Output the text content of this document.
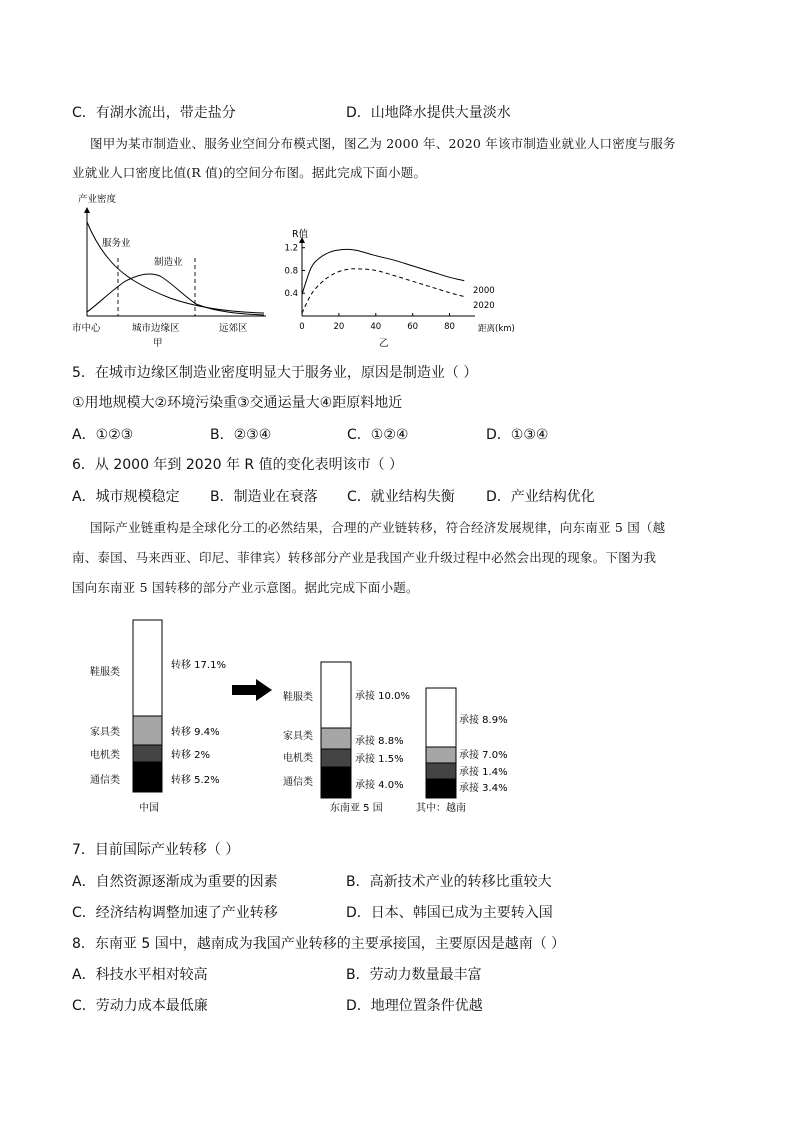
C．有湖水流出，带走盐分	D．山地降水提供大量淡水
图甲为某市制造业、服务业空间分布模式图，图乙为 2000 年、2020 年该市制造业就业人口密度与服务
业就业人口密度比值(R 值)的空间分布图。据此完成下面小题。
产业密度
服务业
制造业
市中心	城市边缘区	远郊区
甲
R值
1.2
0.8
0.4
0	20	40	60	80
2000
2020
距离(km)
乙
5．在城市边缘区制造业密度明显大于服务业，原因是制造业（ ）
①用地规模大②环境污染重③交通运量大④距原料地近
A．①②③	B．②③④	C．①②④	D．①③④
6．从 2000 年到 2020 年 R 值的变化表明该市（ ）
A．城市规模稳定 B．制造业在衰落 C．就业结构失衡 D．产业结构优化
国际产业链重构是全球化分工的必然结果，合理的产业链转移，符合经济发展规律，向东南亚 5 国（越
南、泰国、马来西亚、印尼、菲律宾）转移部分产业是我国产业升级过程中必然会出现的现象。下图为我
国向东南亚 5 国转移的部分产业示意图。据此完成下面小题。
鞋服类
家具类
电机类
通信类
转移 17.1%
转移 9.4%
转移 2%
转移 5.2%
中国
鞋服类
家具类
电机类
通信类
承接 10.0%
承接 8.8%
承接 1.5%
承接 4.0%
东南亚 5 国
承接 8.9%
承接 7.0%
承接 1.4%
承接 3.4%
其中：越南
7．目前国际产业转移（ ）
A．自然资源逐渐成为重要的因素	B．高新技术产业的转移比重较大
C．经济结构调整加速了产业转移	D．日本、韩国已成为主要转入国
8．东南亚 5 国中，越南成为我国产业转移的主要承接国，主要原因是越南（ ）
A．科技水平相对较高	B．劳动力数量最丰富
C．劳动力成本最低廉	D．地理位置条件优越
